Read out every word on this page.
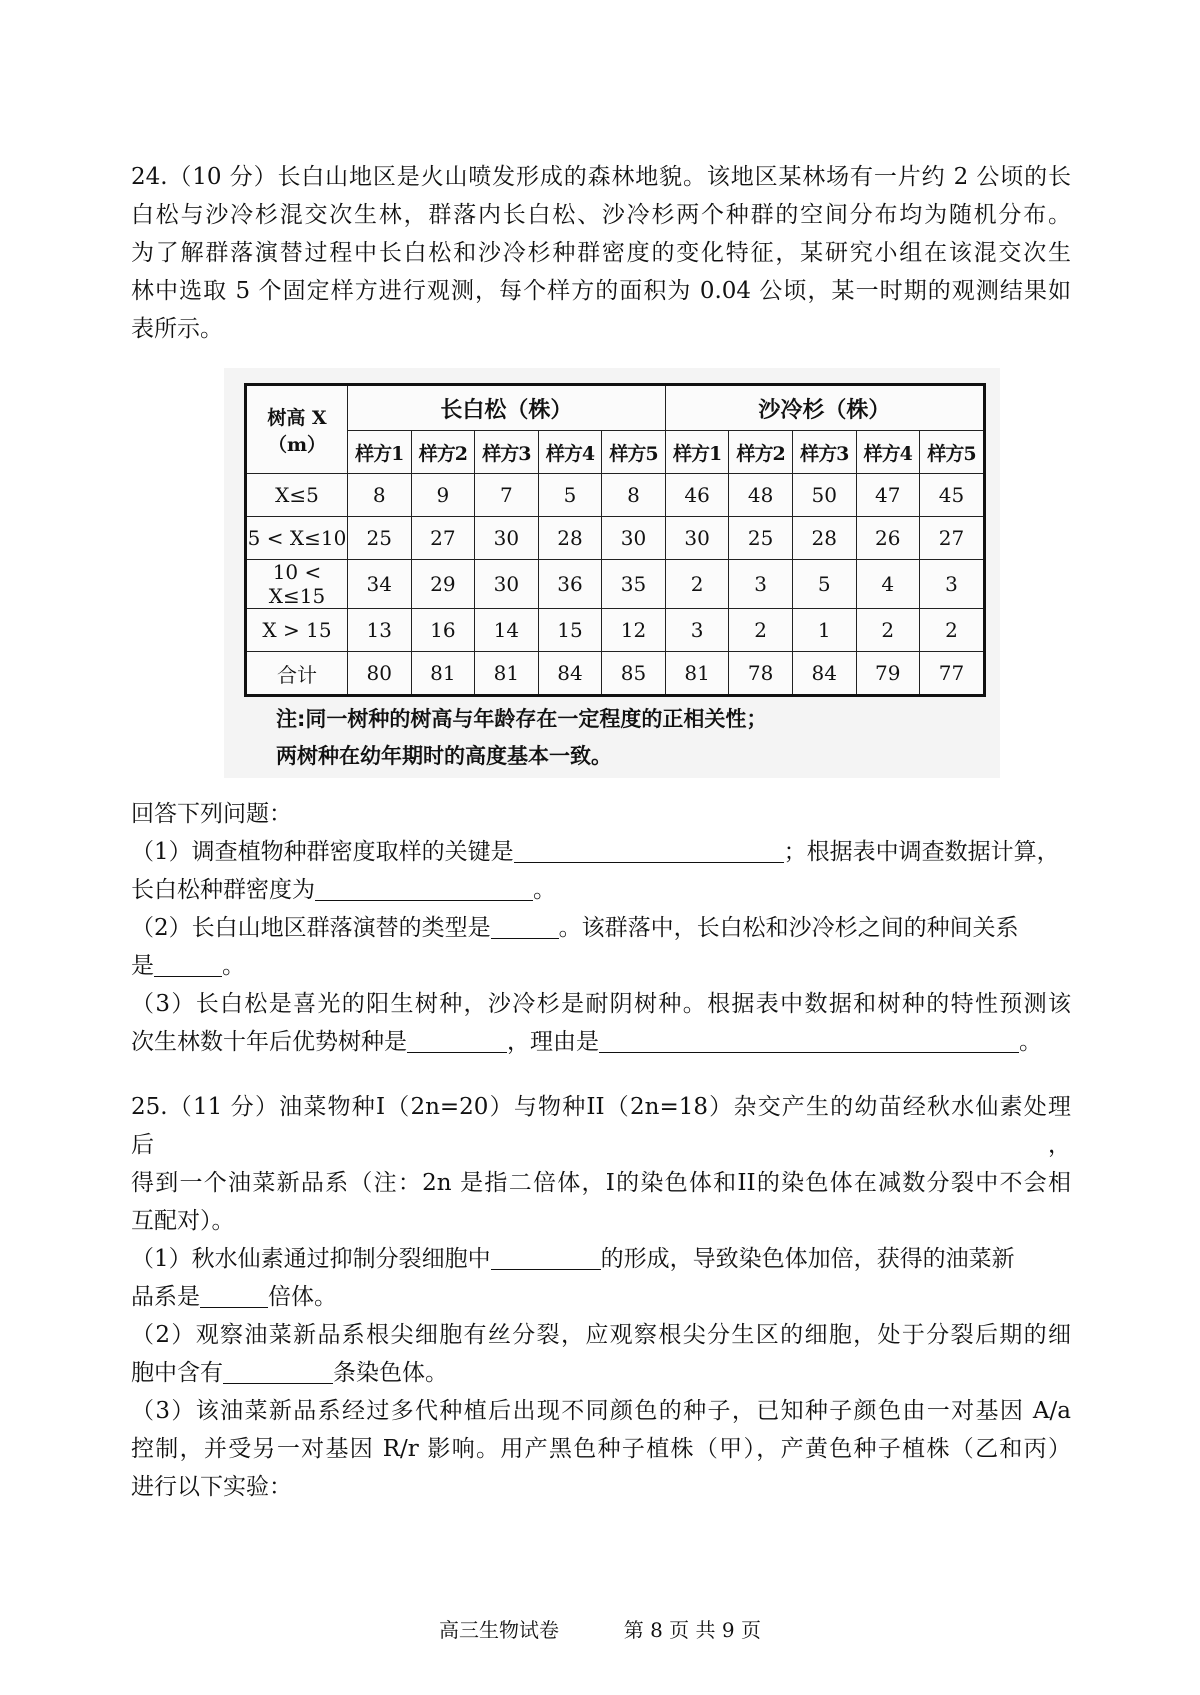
24.（10 分）长白山地区是火山喷发形成的森林地貌。该地区某林场有一片约 2 公顷的长
白松与沙冷杉混交次生林，群落内长白松、沙冷杉两个种群的空间分布均为随机分布。
为了解群落演替过程中长白松和沙冷杉种群密度的变化特征，某研究小组在该混交次生
林中选取 5 个固定样方进行观测，每个样方的面积为 0.04 公顷，某一时期的观测结果如
表所示。
树高 X（m）	长白松（株）					沙冷杉（株）				
	样方1	样方2	样方3	样方4	样方5	样方1	样方2	样方3	样方4	样方5
X≤5	8	9	7	5	8	46	48	50	47	45
5 < X≤10	25	27	30	28	30	30	25	28	26	27
10 < X≤15	34	29	30	36	35	2	3	5	4	3
X > 15	13	16	14	15	12	3	2	1	2	2
合计	80	81	81	84	85	81	78	84	79	77
注:同一树种的树高与年龄存在一定程度的正相关性；
两树种在幼年期时的高度基本一致。
回答下列问题：
（1）调查植物种群密度取样的关键是	；根据表中调查数据计算，
长白松种群密度为	。
（2）长白山地区群落演替的类型是	。该群落中，长白松和沙冷杉之间的种间关系
是	。
（3）长白松是喜光的阳生树种，沙冷杉是耐阴树种。根据表中数据和树种的特性预测该
次生林数十年后优势树种是	，理由是	。
25.（11 分）油菜物种Ⅰ（2n=20）与物种II（2n=18）杂交产生的幼苗经秋水仙素处理后，
得到一个油菜新品系（注：2n 是指二倍体，Ⅰ的染色体和II的染色体在减数分裂中不会相
互配对）。
（1）秋水仙素通过抑制分裂细胞中	的形成，导致染色体加倍，获得的油菜新
品系是	倍体。
（2）观察油菜新品系根尖细胞有丝分裂，应观察根尖分生区的细胞，处于分裂后期的细
胞中含有	条染色体。
（3）该油菜新品系经过多代种植后出现不同颜色的种子，已知种子颜色由一对基因 A/a
控制，并受另一对基因 R/r 影响。用产黑色种子植株（甲），产黄色种子植株（乙和丙）
进行以下实验：
高三生物试卷	第 8 页 共 9 页
